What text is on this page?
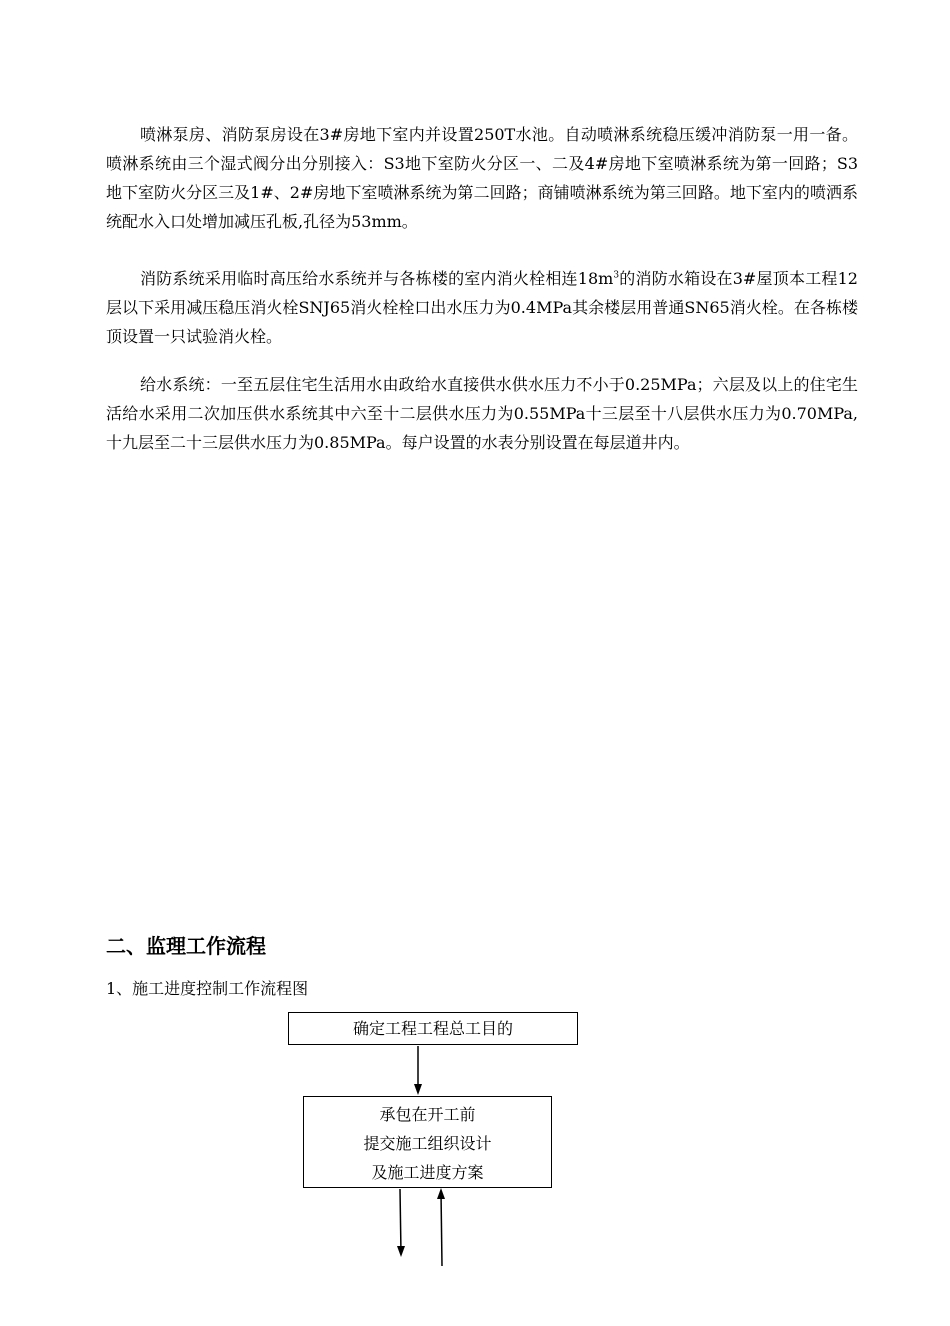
喷淋泵房、消防泵房设在3#房地下室内并设置250T水池。自动喷淋系统稳压缓冲消防泵一用一备。喷淋系统由三个湿式阀分出分别接入：S3地下室防火分区一、二及4#房地下室喷淋系统为第一回路；S3地下室防火分区三及1#、2#房地下室喷淋系统为第二回路；商铺喷淋系统为第三回路。地下室内的喷洒系统配水入口处增加减压孔板,孔径为53mm。

消防系统采用临时高压给水系统并与各栋楼的室内消火栓相连$18m^3$的消防水箱设在3#屋顶本工程12层以下采用减压稳压消火栓SNJ65消火栓栓口出水压力为0.4MPa其余楼层用普通SN65消火栓。在各栋楼顶设置一只试验消火栓。

给水系统：一至五层住宅生活用水由政给水直接供水供水压力不小于0.25MPa；六层及以上的住宅生活给水采用二次加压供水系统其中六至十二层供水压力为0.55MPa十三层至十八层供水压力为0.70MPa,十九层至二十三层供水压力为0.85MPa。每户设置的水表分别设置在每层道井内。

二、监理工作流程

1、施工进度控制工作流程图

确定工程工程总工目的
承包在开工前
提交施工组织设计
及施工进度方案
